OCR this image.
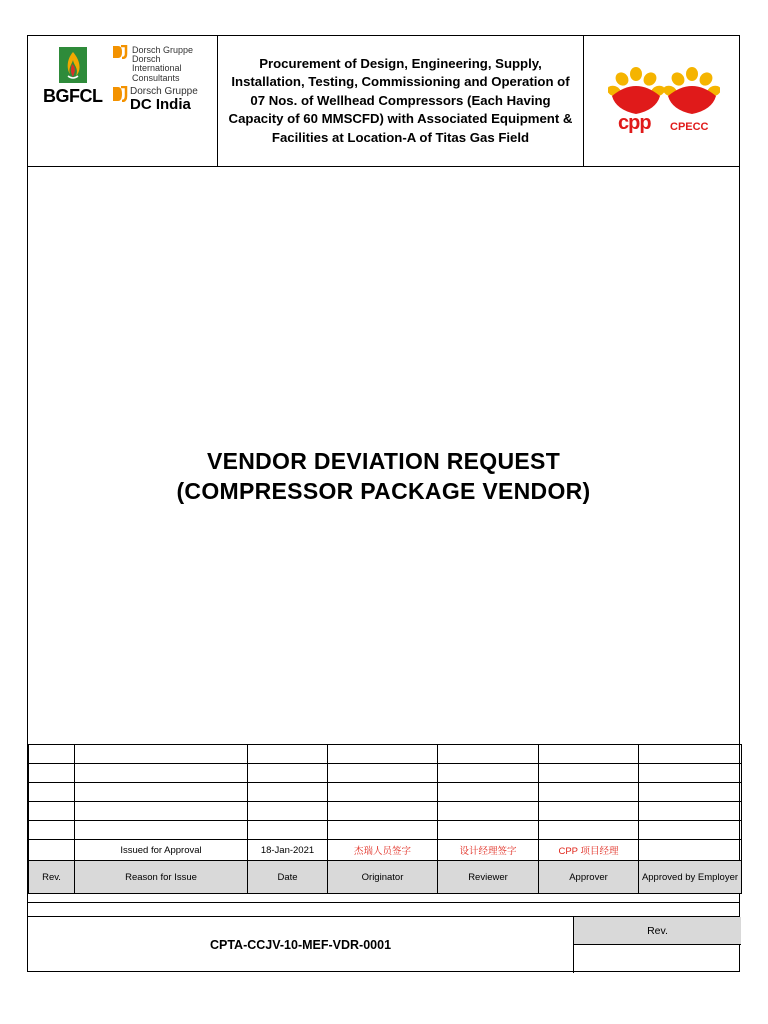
BGFCL
Dorsch Gruppe
Dorsch
International
Consultants
Dorsch Gruppe
DC India
Procurement of Design, Engineering, Supply, Installation, Testing, Commissioning and Operation of 07 Nos. of Wellhead Compressors (Each Having Capacity of 60 MMSCFD) with Associated Equipment & Facilities at Location-A of Titas Gas Field
cpp CPECC
VENDOR DEVIATION REQUEST
(COMPRESSOR PACKAGE VENDOR)

	Issued for Approval	18-Jan-2021	杰瑞人员签字	设计经理签字	CPP 项目经理	
Rev.	Reason for Issue	Date	Originator	Reviewer	Approver	Approved by Employer
CPTA-CCJV-10-MEF-VDR-0001
Rev.
